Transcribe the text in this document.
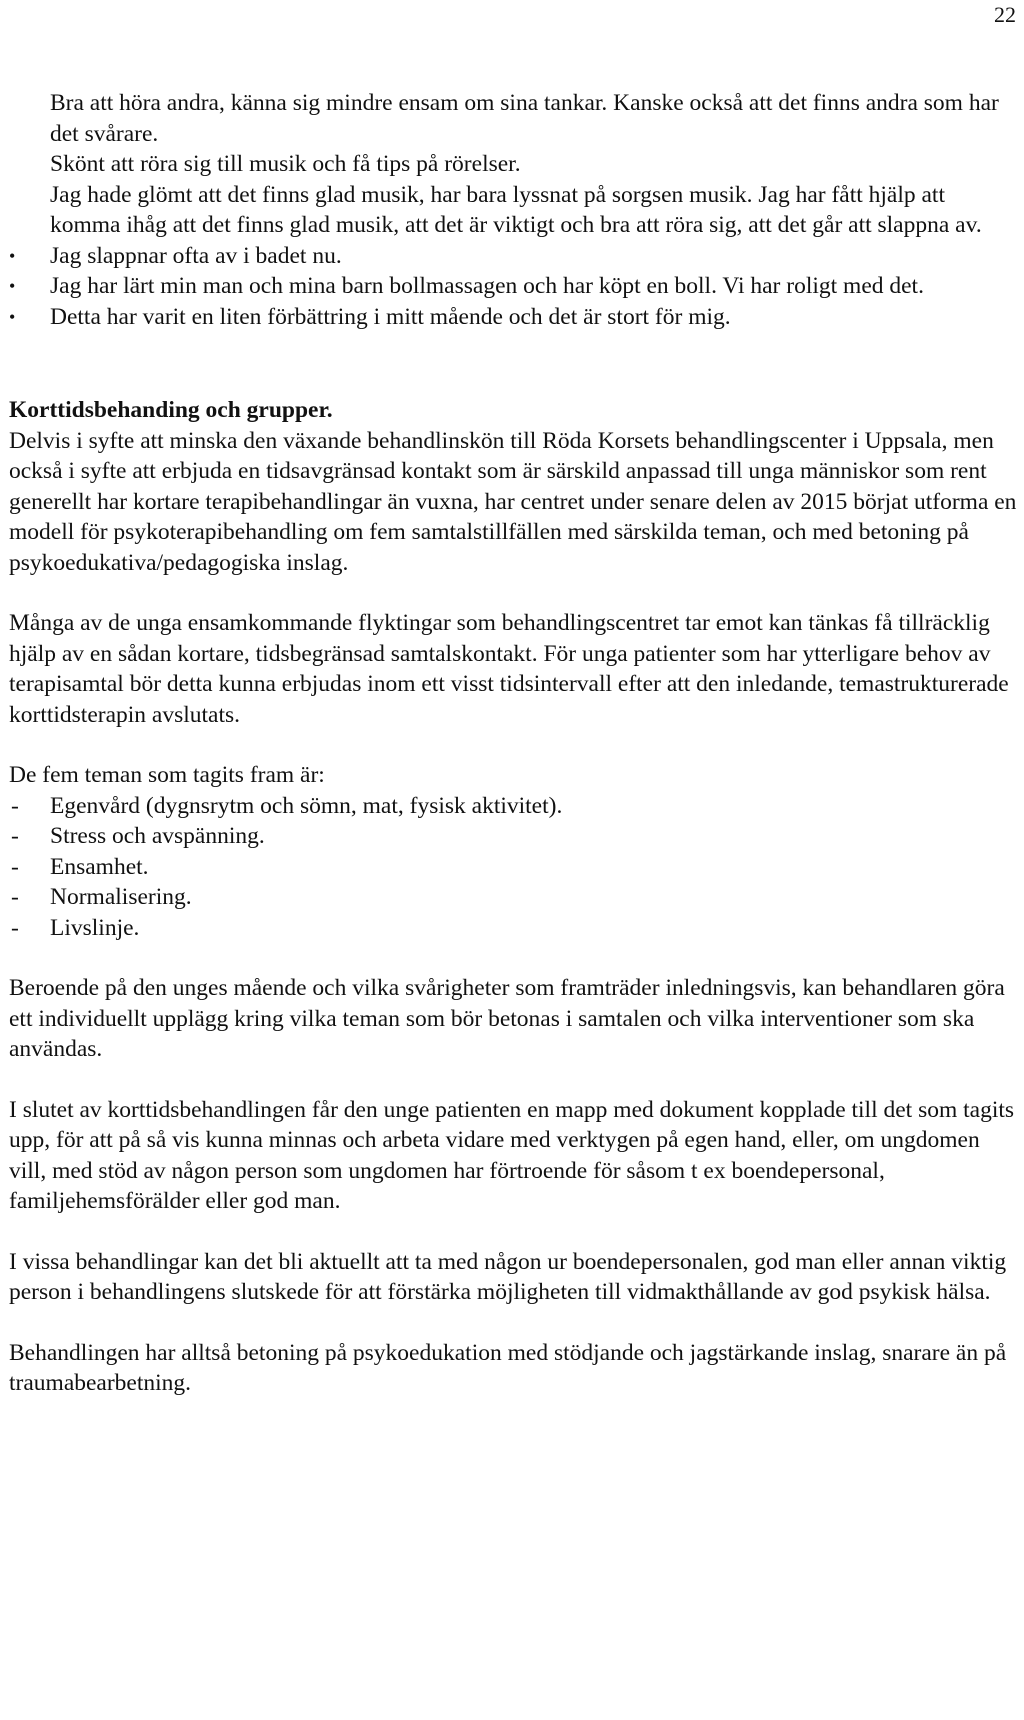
22

Bra att höra andra, känna sig mindre ensam om sina tankar. Kanske också att det finns andra som har det svårare.

Skönt att röra sig till musik och få tips på rörelser.

Jag hade glömt att det finns glad musik, har bara lyssnat på sorgsen musik. Jag har fått hjälp att komma ihåg att det finns glad musik, att det är viktigt och bra att röra sig, att det går att slappna av.

• Jag slappnar ofta av i badet nu.
• Jag har lärt min man och mina barn bollmassagen och har köpt en boll. Vi har roligt med det.
• Detta har varit en liten förbättring i mitt mående och det är stort för mig.

Korttidsbehanding och grupper.

Delvis i syfte att minska den växande behandlinskön till Röda Korsets behandlingscenter i Uppsala, men också i syfte att erbjuda en tidsavgränsad kontakt som är särskild anpassad till unga människor som rent generellt har kortare terapibehandlingar än vuxna, har centret under senare delen av 2015 börjat utforma en modell för psykoterapibehandling om fem samtalstillfällen med särskilda teman, och med betoning på psykoedukativa/pedagogiska inslag.

Många av de unga ensamkommande flyktingar som behandlingscentret tar emot kan tänkas få tillräcklig hjälp av en sådan kortare, tidsbegränsad samtalskontakt. För unga patienter som har ytterligare behov av terapisamtal bör detta kunna erbjudas inom ett visst tidsintervall efter att den inledande, temastrukturerade korttidsterapin avslutats.

De fem teman som tagits fram är:

- Egenvård (dygnsrytm och sömn, mat, fysisk aktivitet).
- Stress och avspänning.
- Ensamhet.
- Normalisering.
- Livslinje.

Beroende på den unges mående och vilka svårigheter som framträder inledningsvis, kan behandlaren göra ett individuellt upplägg kring vilka teman som bör betonas i samtalen och vilka interventioner som ska användas.

I slutet av korttidsbehandlingen får den unge patienten en mapp med dokument kopplade till det som tagits upp, för att på så vis kunna minnas och arbeta vidare med verktygen på egen hand, eller, om ungdomen vill, med stöd av någon person som ungdomen har förtroende för såsom t ex boendepersonal, familjehemsförälder eller god man.

I vissa behandlingar kan det bli aktuellt att ta med någon ur boendepersonalen, god man eller annan viktig person i behandlingens slutskede för att förstärka möjligheten till vidmakthållande av god psykisk hälsa.

Behandlingen har alltså betoning på psykoedukation med stödjande och jagstärkande inslag, snarare än på traumabearbetning.
